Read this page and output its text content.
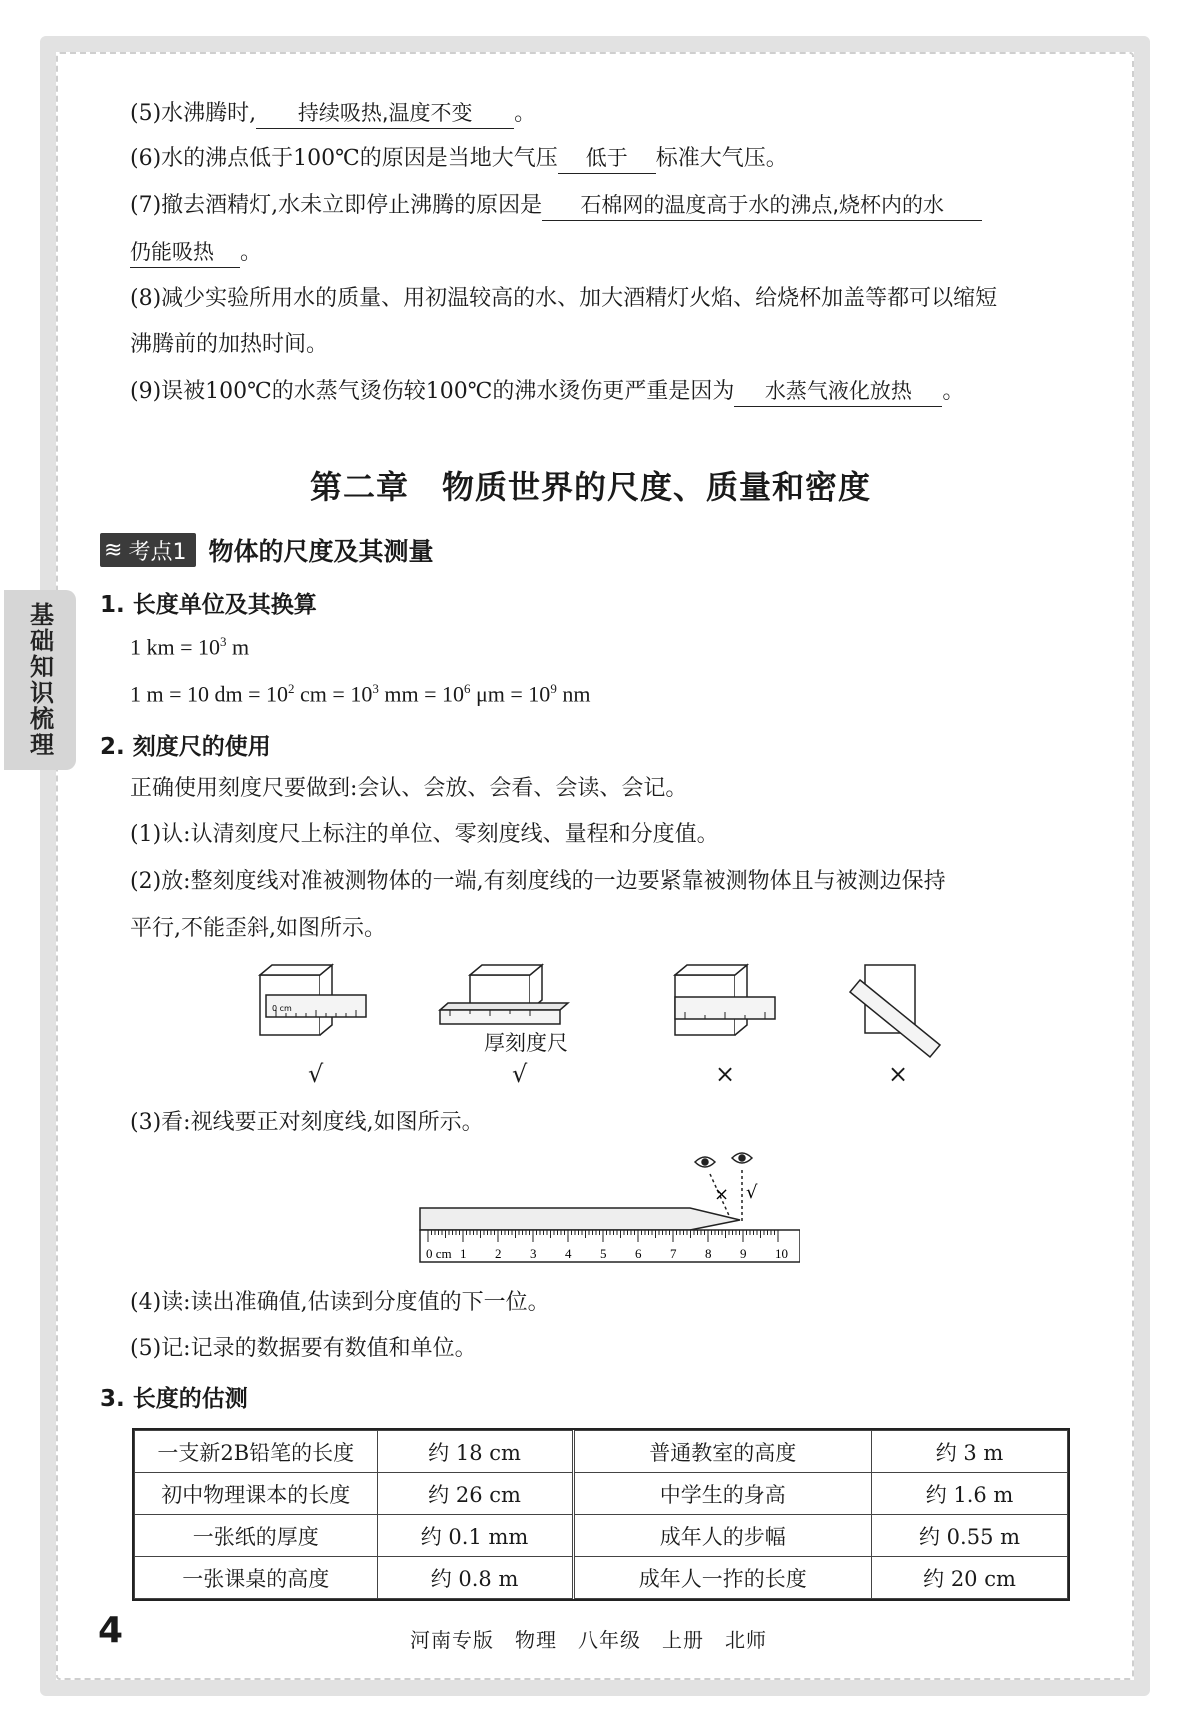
基础知识梳理
(5)水沸腾时, 持续吸热,温度不变 。
(6)水的沸点低于100℃的原因是当地大气压 低于 标准大气压。
(7)撤去酒精灯,水未立即停止沸腾的原因是 石棉网的温度高于水的沸点,烧杯内的水
仍能吸热 。
(8)减少实验所用水的质量、用初温较高的水、加大酒精灯火焰、给烧杯加盖等都可以缩短
沸腾前的加热时间。
(9)误被100℃的水蒸气烫伤较100℃的沸水烫伤更严重是因为 水蒸气液化放热 。
第二章　物质世界的尺度、质量和密度
≋ 考点1 物体的尺度及其测量
1. 长度单位及其换算
1 km = $10^3$ m
1 m = 10 dm = $10^2$ cm = $10^3$ mm = $10^6$ $\mu m = 10^9$ nm
2. 刻度尺的使用
正确使用刻度尺要做到:会认、会放、会看、会读、会记。
(1)认:认清刻度尺上标注的单位、零刻度线、量程和分度值。
(2)放:整刻度线对准被测物体的一端,有刻度线的一边要紧靠被测物体且与被测边保持
平行,不能歪斜,如图所示。
0 cm
厚刻度尺
√	√	×	×
(3)看:视线要正对刻度线,如图所示。
0 cm 1 2 3 4 5 6 7 8 9 10
× √
(4)读:读出准确值,估读到分度值的下一位。
(5)记:记录的数据要有数值和单位。
3. 长度的估测
一支新2B铅笔的长度	约 18 cm	普通教室的高度	约 3 m
初中物理课本的长度	约 26 cm	中学生的身高	约 1.6 m
一张纸的厚度	约 0.1 mm	成年人的步幅	约 0.55 m
一张课桌的高度	约 0.8 m	成年人一拃的长度	约 20 cm
4	河南专版　物理　八年级　上册　北师
